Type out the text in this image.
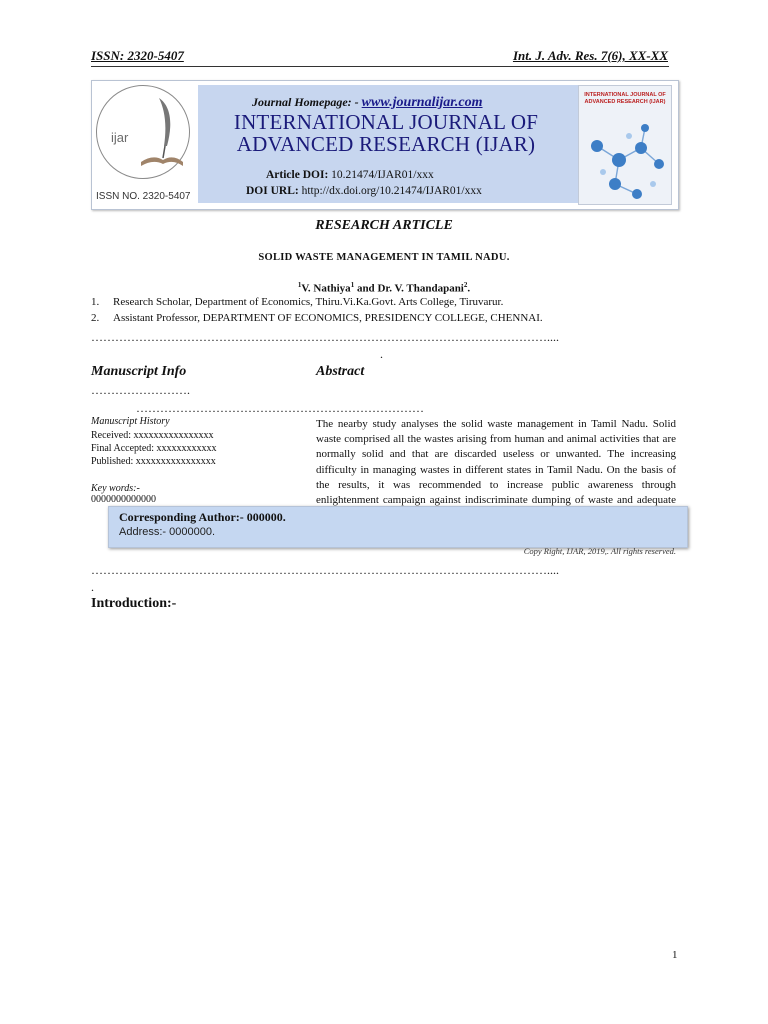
ISSN: 2320-5407	Int. J. Adv. Res. 7(6), XX-XX
ijar
ISSN NO. 2320-5407
Journal Homepage: - www.journalijar.com
INTERNATIONAL JOURNAL OF ADVANCED RESEARCH (IJAR)
Article DOI: 10.21474/IJAR01/xxx
DOI URL: http://dx.doi.org/10.21474/IJAR01/xxx
INTERNATIONAL JOURNAL OF ADVANCED RESEARCH (IJAR)
RESEARCH ARTICLE
SOLID WASTE MANAGEMENT IN TAMIL NADU.
$^1$V. Nathiya$^1$ and Dr. V. Thandapani$^2$.
1. Research Scholar, Department of Economics, Thiru.Vi.Ka.Govt. Arts College, Tiruvarur.
2. Assistant Professor, DEPARTMENT OF ECONOMICS, PRESIDENCY COLLEGE, CHENNAI.
……………………………………………………………………………………………………....
.
Manuscript Info	Abstract
…………………….
………………………………………………………………
Manuscript History
Received: xxxxxxxxxxxxxxxx
Final Accepted: xxxxxxxxxxxx
Published: xxxxxxxxxxxxxxxx
Key words:-
0000000000000
The nearby study analyses the solid waste management in Tamil Nadu. Solid waste comprised all the wastes arising from human and animal activities that are normally solid and that are discarded useless or unwanted. The increasing difficulty in managing wastes in different states in Tamil Nadu. On the basis of the results, it was recommended to increase public awareness through enlightenment campaign against indiscriminate dumping of waste and adequate
Corresponding Author:- 000000.
Address:- 0000000.
Copy Right, IJAR, 2019,. All rights reserved.
……………………………………………………………………………………………………....
.
Introduction:-
1
